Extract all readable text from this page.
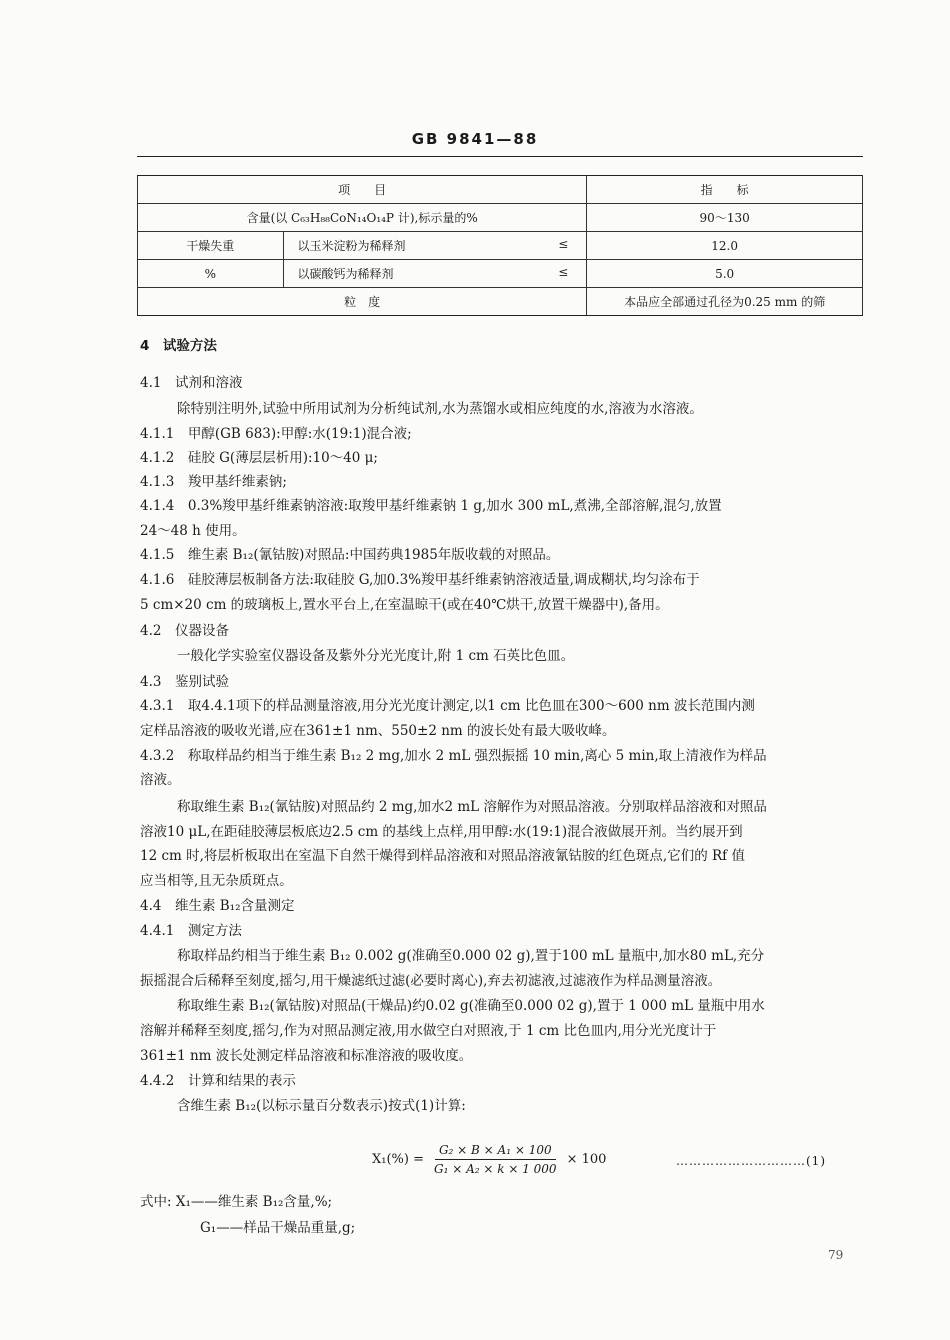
GB 9841—88
项　　目		指　　标
含量(以 C₆₃H₈₈CoN₁₄O₁₄P 计),标示量的%		90～130
干燥失重	以玉米淀粉为稀释剂 ≤	12.0
%	以碳酸钙为稀释剂 ≤	5.0
粒　度		本品应全部通过孔径为0.25 mm 的筛
4　试验方法
4.1　试剂和溶液
除特别注明外,试验中所用试剂为分析纯试剂,水为蒸馏水或相应纯度的水,溶液为水溶液。
4.1.1　甲醇(GB 683):甲醇:水(19:1)混合液;
4.1.2　硅胶 G(薄层层析用):10～40 μ;
4.1.3　羧甲基纤维素钠;
4.1.4　0.3%羧甲基纤维素钠溶液:取羧甲基纤维素钠 1 g,加水 300 mL,煮沸,全部溶解,混匀,放置
24～48 h 使用。
4.1.5　维生素 B₁₂(氰钴胺)对照品:中国药典1985年版收载的对照品。
4.1.6　硅胶薄层板制备方法:取硅胶 G,加0.3%羧甲基纤维素钠溶液适量,调成糊状,均匀涂布于
5 cm×20 cm 的玻璃板上,置水平台上,在室温晾干(或在40℃烘干,放置干燥器中),备用。
4.2　仪器设备
一般化学实验室仪器设备及紫外分光光度计,附 1 cm 石英比色皿。
4.3　鉴别试验
4.3.1　取4.4.1项下的样品测量溶液,用分光光度计测定,以1 cm 比色皿在300～600 nm 波长范围内测
定样品溶液的吸收光谱,应在361±1 nm、550±2 nm 的波长处有最大吸收峰。
4.3.2　称取样品约相当于维生素 B₁₂ 2 mg,加水 2 mL 强烈振摇 10 min,离心 5 min,取上清液作为样品
溶液。
称取维生素 B₁₂(氰钴胺)对照品约 2 mg,加水2 mL 溶解作为对照品溶液。分别取样品溶液和对照品
溶液10 μL,在距硅胶薄层板底边2.5 cm 的基线上点样,用甲醇:水(19:1)混合液做展开剂。当约展开到
12 cm 时,将层析板取出在室温下自然干燥得到样品溶液和对照品溶液氰钴胺的红色斑点,它们的 Rf 值
应当相等,且无杂质斑点。
4.4　维生素 B₁₂含量测定
4.4.1　测定方法
称取样品约相当于维生素 B₁₂ 0.002 g(准确至0.000 02 g),置于100 mL 量瓶中,加水80 mL,充分
振摇混合后稀释至刻度,摇匀,用干燥滤纸过滤(必要时离心),弃去初滤液,过滤液作为样品测量溶液。
称取维生素 B₁₂(氰钴胺)对照品(干燥品)约0.02 g(准确至0.000 02 g),置于 1 000 mL 量瓶中用水
溶解并稀释至刻度,摇匀,作为对照品测定液,用水做空白对照液,于 1 cm 比色皿内,用分光光度计于
361±1 nm 波长处测定样品溶液和标准溶液的吸收度。
4.4.2　计算和结果的表示
含维生素 B₁₂(以标示量百分数表示)按式(1)计算:
$X_1(\%) = \frac{\text{G₂ × B × A₁ × 100}}{\text{G₁ × A₂ × k × 1 000}} \times 100$	…………………………(1)
式中: X₁——维生素 B₁₂含量,%;
G₁——样品干燥品重量,g;
79
